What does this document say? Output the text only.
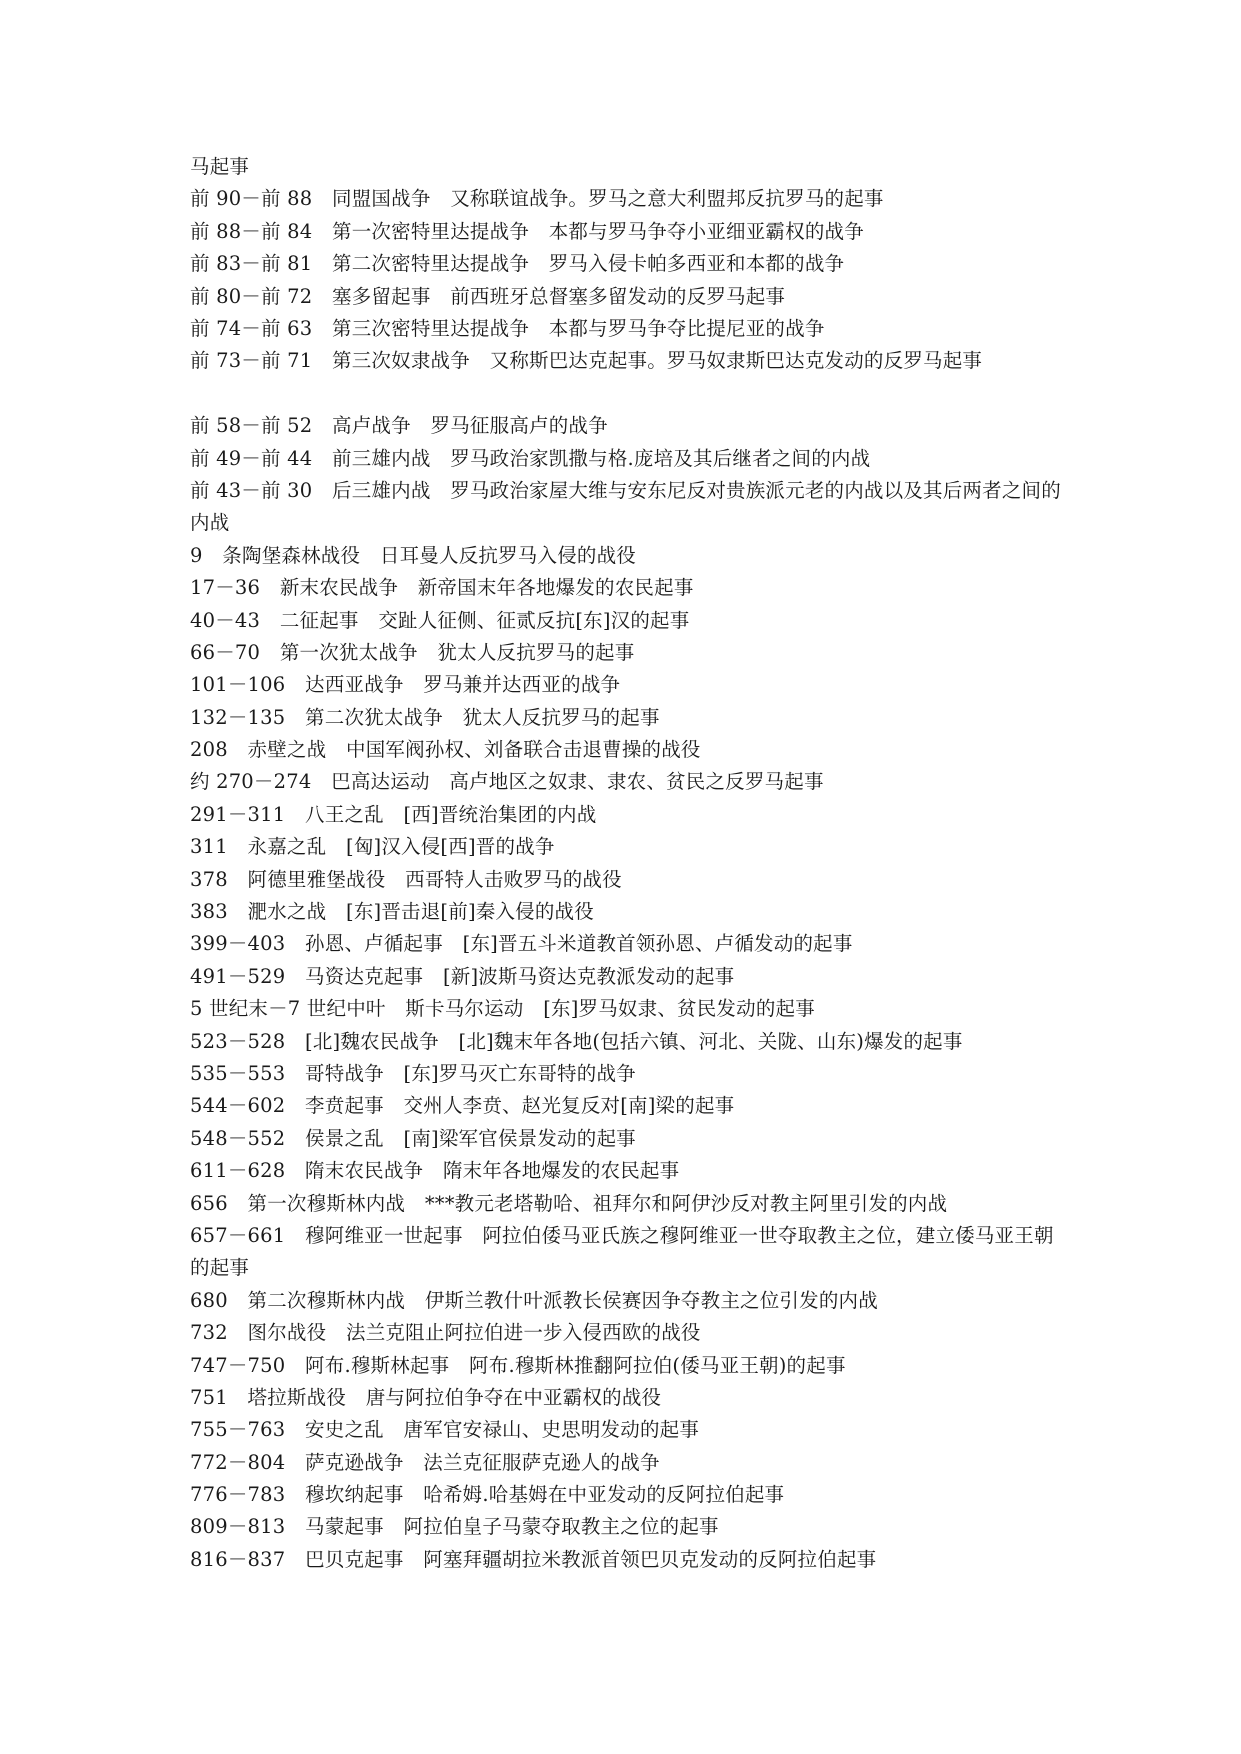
马起事
前 90－前 88　同盟国战争　又称联谊战争。罗马之意大利盟邦反抗罗马的起事
前 88－前 84　第一次密特里达提战争　本都与罗马争夺小亚细亚霸权的战争
前 83－前 81　第二次密特里达提战争　罗马入侵卡帕多西亚和本都的战争
前 80－前 72　塞多留起事　前西班牙总督塞多留发动的反罗马起事
前 74－前 63　第三次密特里达提战争　本都与罗马争夺比提尼亚的战争
前 73－前 71　第三次奴隶战争　又称斯巴达克起事。罗马奴隶斯巴达克发动的反罗马起事
前 58－前 52　高卢战争　罗马征服高卢的战争
前 49－前 44　前三雄内战　罗马政治家凯撒与格.庞培及其后继者之间的内战
前 43－前 30　后三雄内战　罗马政治家屋大维与安东尼反对贵族派元老的内战以及其后两者之间的内战
9　条陶堡森林战役　日耳曼人反抗罗马入侵的战役
17－36　新末农民战争　新帝国末年各地爆发的农民起事
40－43　二征起事　交趾人征侧、征贰反抗[东]汉的起事
66－70　第一次犹太战争　犹太人反抗罗马的起事
101－106　达西亚战争　罗马兼并达西亚的战争
132－135　第二次犹太战争　犹太人反抗罗马的起事
208　赤壁之战　中国军阀孙权、刘备联合击退曹操的战役
约 270－274　巴高达运动　高卢地区之奴隶、隶农、贫民之反罗马起事
291－311　八王之乱　[西]晋统治集团的内战
311　永嘉之乱　[匈]汉入侵[西]晋的战争
378　阿德里雅堡战役　西哥特人击败罗马的战役
383　淝水之战　[东]晋击退[前]秦入侵的战役
399－403　孙恩、卢循起事　[东]晋五斗米道教首领孙恩、卢循发动的起事
491－529　马资达克起事　[新]波斯马资达克教派发动的起事
5 世纪末－7 世纪中叶　斯卡马尔运动　[东]罗马奴隶、贫民发动的起事
523－528　[北]魏农民战争　[北]魏末年各地(包括六镇、河北、关陇、山东)爆发的起事
535－553　哥特战争　[东]罗马灭亡东哥特的战争
544－602　李贲起事　交州人李贲、赵光复反对[南]梁的起事
548－552　侯景之乱　[南]梁军官侯景发动的起事
611－628　隋末农民战争　隋末年各地爆发的农民起事
656　第一次穆斯林内战　***教元老塔勒哈、祖拜尔和阿伊沙反对教主阿里引发的内战
657－661　穆阿维亚一世起事　阿拉伯倭马亚氏族之穆阿维亚一世夺取教主之位，建立倭马亚王朝的起事
680　第二次穆斯林内战　伊斯兰教什叶派教长侯赛因争夺教主之位引发的内战
732　图尔战役　法兰克阻止阿拉伯进一步入侵西欧的战役
747－750　阿布.穆斯林起事　阿布.穆斯林推翻阿拉伯(倭马亚王朝)的起事
751　塔拉斯战役　唐与阿拉伯争夺在中亚霸权的战役
755－763　安史之乱　唐军官安禄山、史思明发动的起事
772－804　萨克逊战争　法兰克征服萨克逊人的战争
776－783　穆坎纳起事　哈希姆.哈基姆在中亚发动的反阿拉伯起事
809－813　马蒙起事　阿拉伯皇子马蒙夺取教主之位的起事
816－837　巴贝克起事　阿塞拜疆胡拉米教派首领巴贝克发动的反阿拉伯起事
